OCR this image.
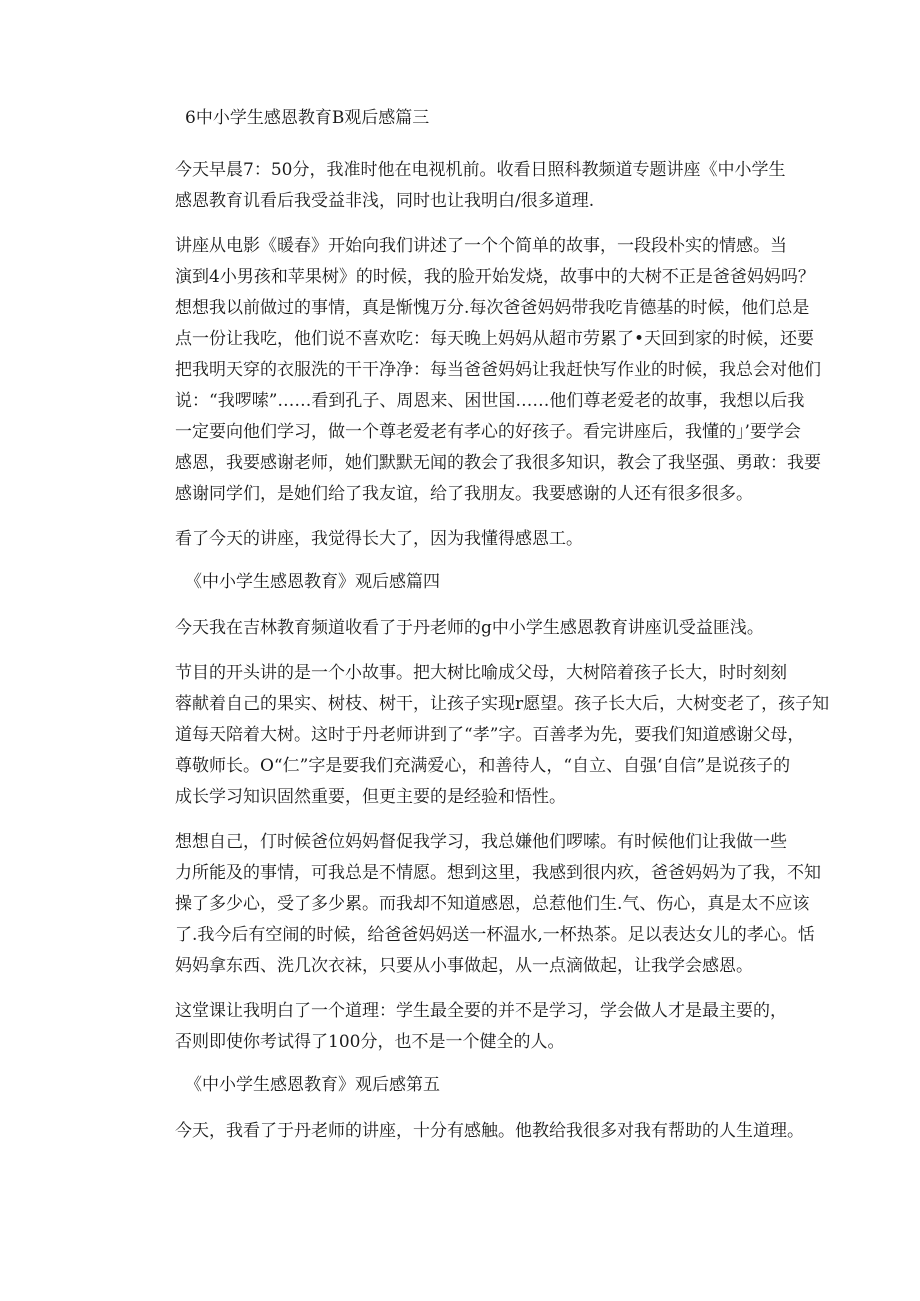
6中小学生感恩教育B观后感篇三
今天早晨7：50分，我准时他在电视机前。收看日照科教频道专题讲座《中小学生
感恩教育讥看后我受益非浅，同时也让我明白/很多道理.
讲座从电影《暖春》开始向我们讲述了一个个简单的故事，一段段朴实的情感。当
演到4小男孩和苹果树》的时候，我的脸开始发烧，故事中的大树不正是爸爸妈妈吗？
想想我以前做过的事情，真是惭愧万分.每次爸爸妈妈带我吃肯德基的时候，他们总是
点一份让我吃，他们说不喜欢吃：每天晚上妈妈从超市劳累了•天回到家的时候，还要
把我明天穿的衣服洗的干干净净：每当爸爸妈妈让我赶快写作业的时候，我总会对他们
说：“我啰嗦”……看到孔子、周恩来、困世国……他们尊老爱老的故事，我想以后我
一定要向他们学习，做一个尊老爱老有孝心的好孩子。看完讲座后，我懂的」’要学会
感恩，我要感谢老师，她们默默无闻的教会了我很多知识，教会了我坚强、勇敢：我要
感谢同学们，是她们给了我友谊，给了我朋友。我要感谢的人还有很多很多。
看了今天的讲座，我觉得长大了，因为我懂得感恩工。
《中小学生感恩教育》观后感篇四
今天我在吉林教育频道收看了于丹老师的g中小学生感恩教育讲座讥受益匪浅。
节目的开头讲的是一个小故事。把大树比喻成父母，大树陪着孩子长大，时时刻刻
蓉献着自己的果实、树枝、树干，让孩子实现r愿望。孩子长大后，大树变老了，孩子知
道每天陪着大树。这时于丹老师讲到了“孝”字。百善孝为先，要我们知道感谢父母，
尊敬师长。O“仁”字是要我们充满爱心，和善待人，“自立、自强‘自信”是说孩子的
成长学习知识固然重要，但更主要的是经验和悟性。
想想自己，仃时候爸位妈妈督促我学习，我总嫌他们啰嗦。有时候他们让我做一些
力所能及的事情，可我总是不情愿。想到这里，我感到很内疚，爸爸妈妈为了我，不知
操了多少心，受了多少累。而我却不知道感恩，总惹他们生.气、伤心，真是太不应该
了.我今后有空闹的时候，给爸爸妈妈送一杯温水,一杯热茶。足以表达女儿的孝心。恬
妈妈拿东西、洗几次衣袜，只要从小事做起，从一点滴做起，让我学会感恩。
这堂课让我明白了一个道理：学生最全要的并不是学习，学会做人才是最主要的，
否则即使你考试得了100分，也不是一个健全的人。
《中小学生感恩教育》观后感第五
今天，我看了于丹老师的讲座，十分有感触。他教给我很多对我有帮助的人生道理。
